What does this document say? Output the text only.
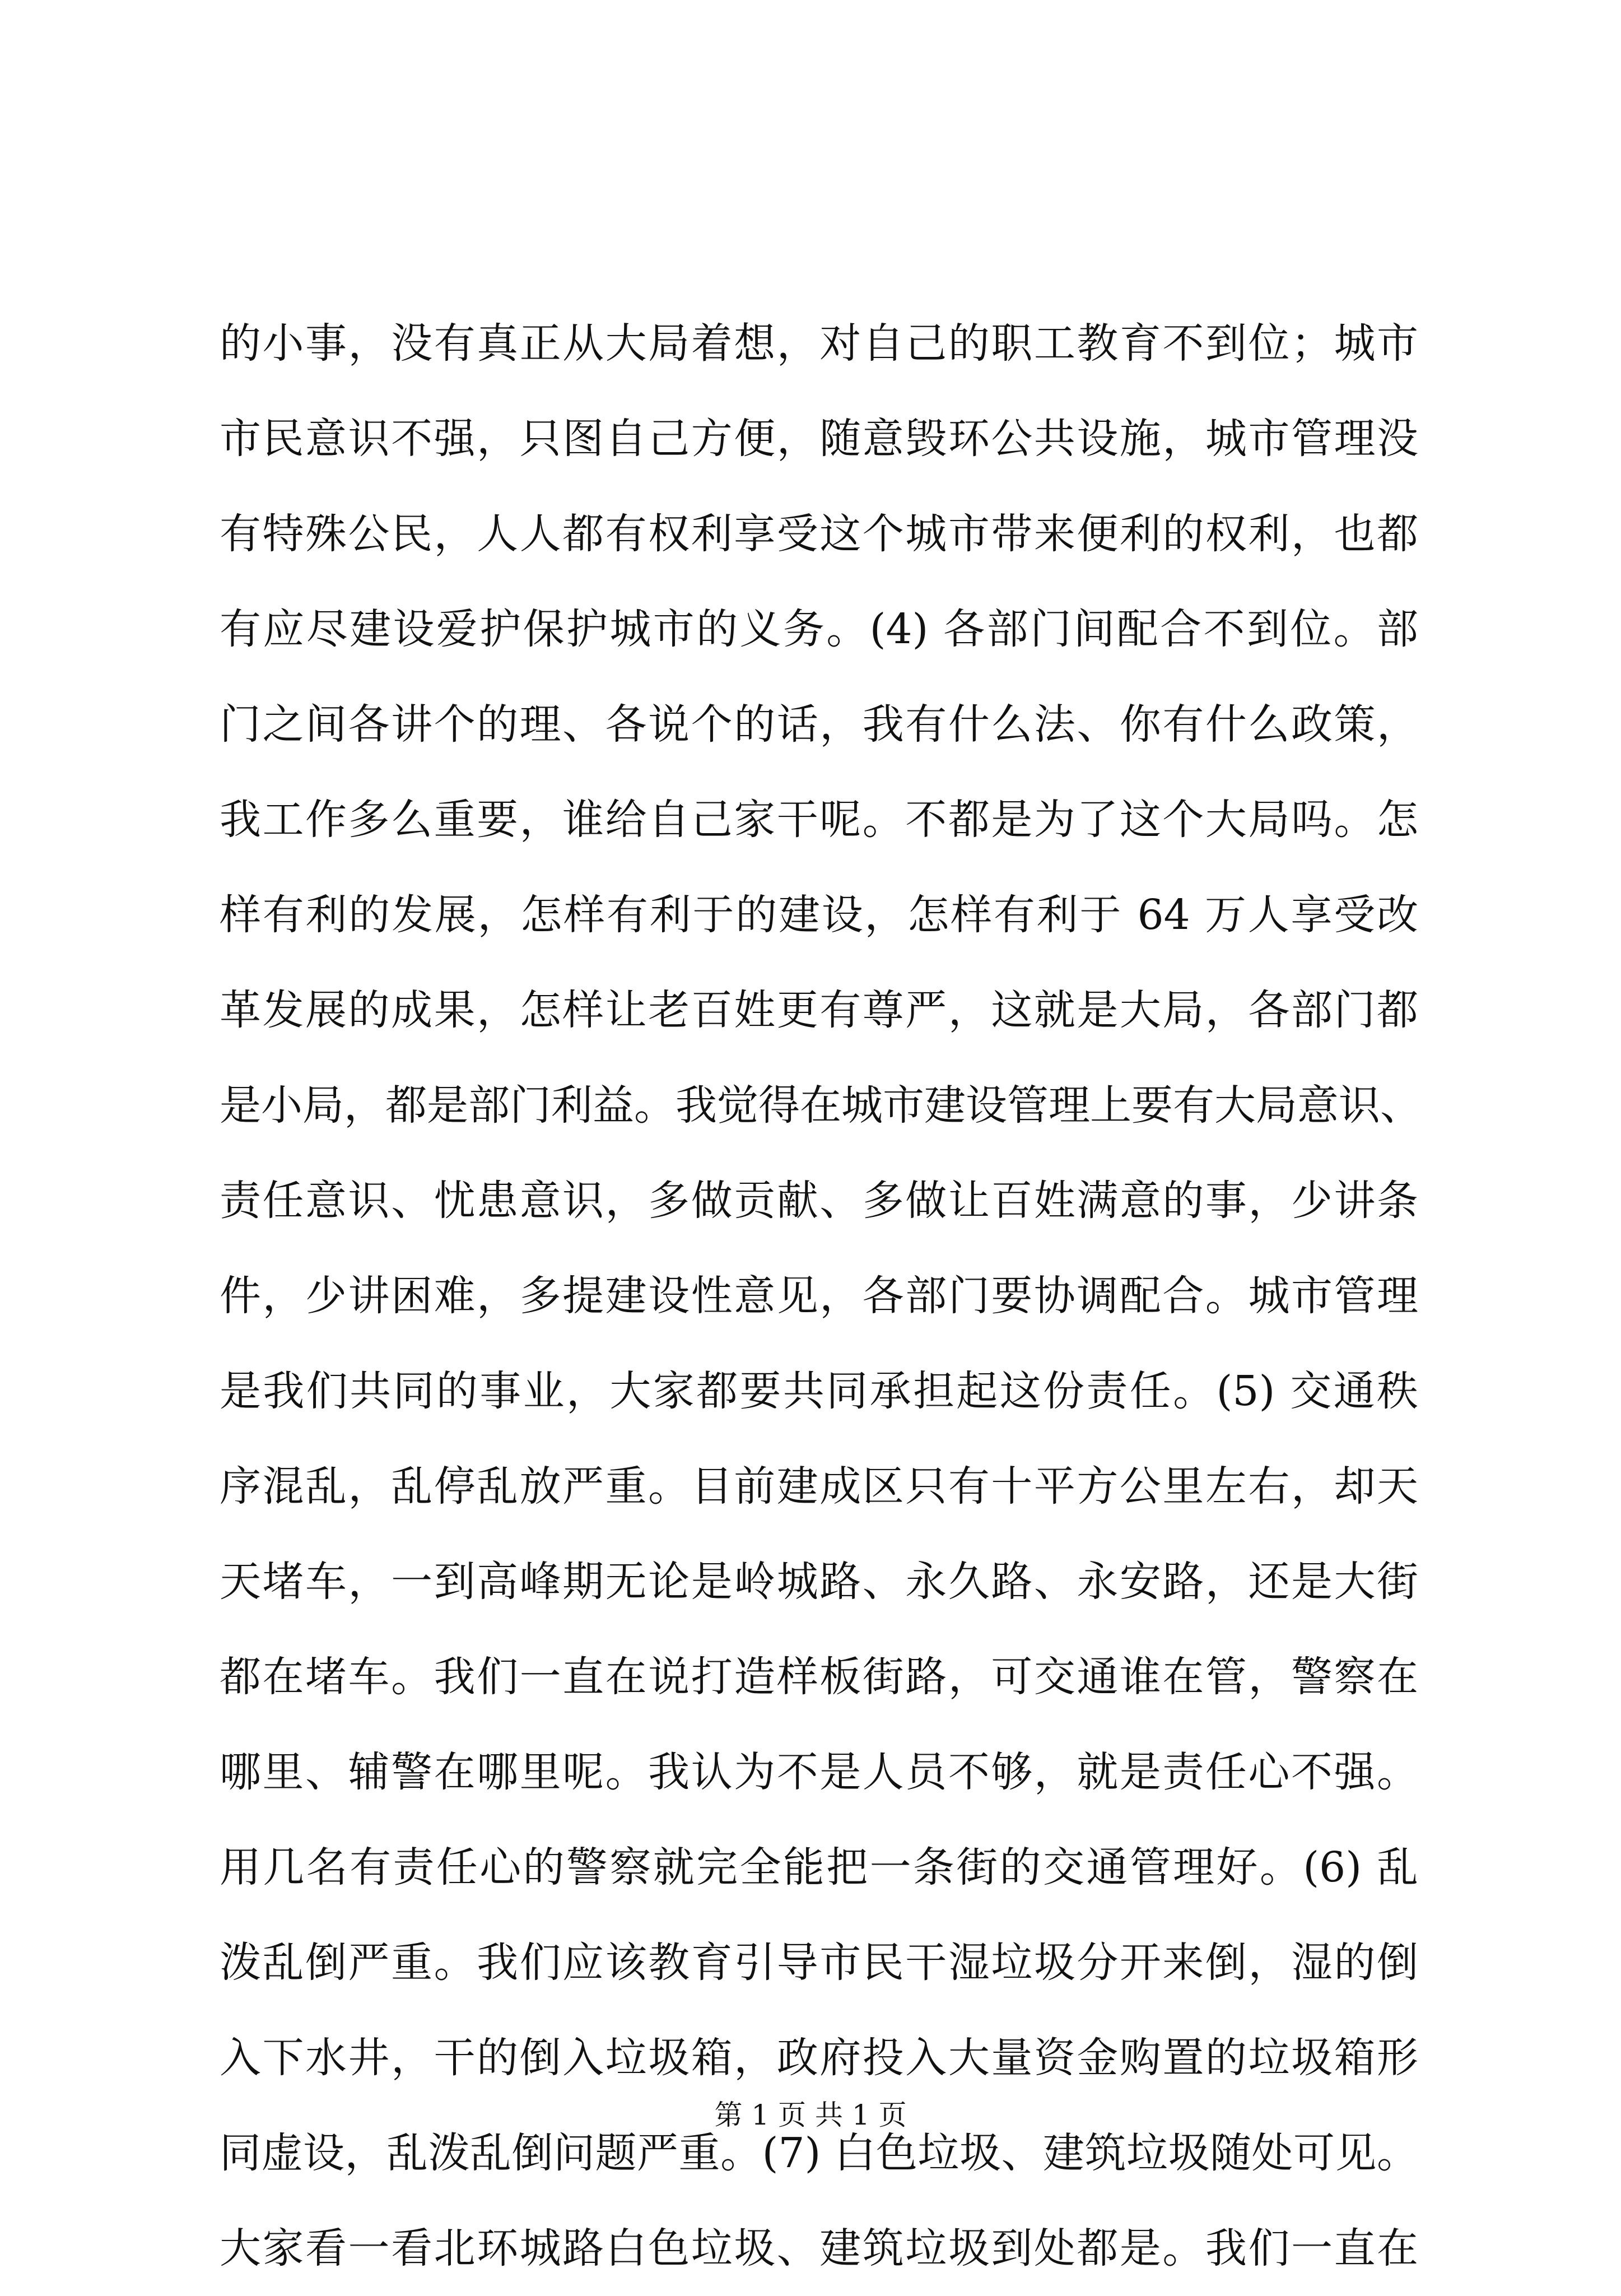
的小事，没有真正从大局着想，对自己的职工教育不到位；城市
市民意识不强，只图自己方便，随意毁环公共设施，城市管理没
有特殊公民，人人都有权利享受这个城市带来便利的权利，也都
有应尽建设爱护保护城市的义务。(4) 各部门间配合不到位。部
门之间各讲个的理、各说个的话，我有什么法、你有什么政策，
我工作多么重要，谁给自己家干呢。不都是为了这个大局吗。怎
样有利的发展，怎样有利于的建设，怎样有利于 64 万人享受改
革发展的成果，怎样让老百姓更有尊严，这就是大局，各部门都
是小局，都是部门利益。我觉得在城市建设管理上要有大局意识、
责任意识、忧患意识，多做贡献、多做让百姓满意的事，少讲条
件，少讲困难，多提建设性意见，各部门要协调配合。城市管理
是我们共同的事业，大家都要共同承担起这份责任。(5) 交通秩
序混乱，乱停乱放严重。目前建成区只有十平方公里左右，却天
天堵车，一到高峰期无论是岭城路、永久路、永安路，还是大街
都在堵车。我们一直在说打造样板街路，可交通谁在管，警察在
哪里、辅警在哪里呢。我认为不是人员不够，就是责任心不强。
用几名有责任心的警察就完全能把一条街的交通管理好。(6) 乱
泼乱倒严重。我们应该教育引导市民干湿垃圾分开来倒，湿的倒
入下水井，干的倒入垃圾箱，政府投入大量资金购置的垃圾箱形
同虚设，乱泼乱倒问题严重。(7) 白色垃圾、建筑垃圾随处可见。
大家看一看北环城路白色垃圾、建筑垃圾到处都是。我们一直在
第 1 页 共 1 页
